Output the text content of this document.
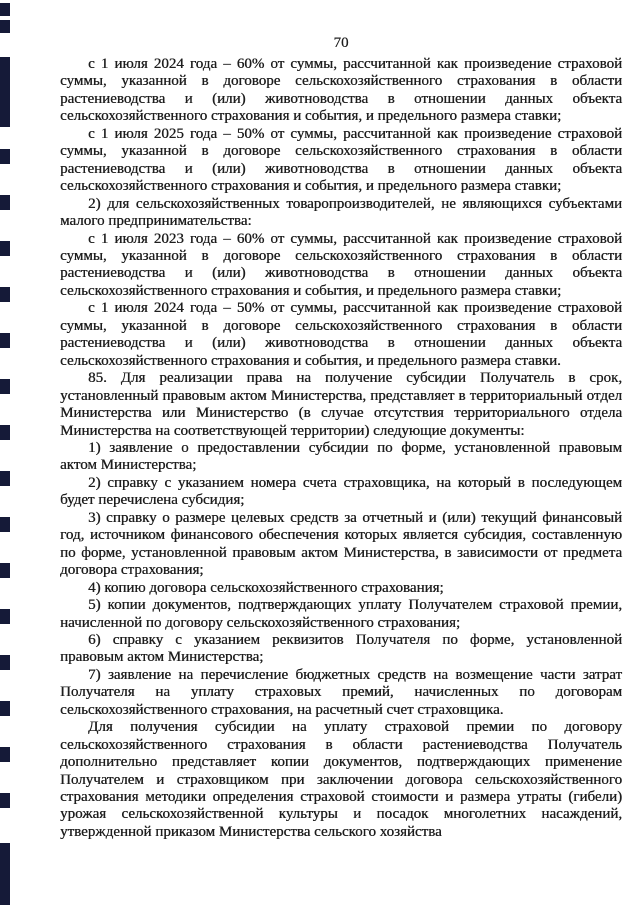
70

с 1 июля 2024 года – 60% от суммы, рассчитанной как произведение страховой суммы, указанной в договоре сельскохозяйственного страхования в области растениеводства и (или) животноводства в отношении данных объекта сельскохозяйственного страхования и события, и предельного размера ставки;

с 1 июля 2025 года – 50% от суммы, рассчитанной как произведение страховой суммы, указанной в договоре сельскохозяйственного страхования в области растениеводства и (или) животноводства в отношении данных объекта сельскохозяйственного страхования и события, и предельного размера ставки;

2) для сельскохозяйственных товаропроизводителей, не являющихся субъектами малого предпринимательства:

с 1 июля 2023 года – 60% от суммы, рассчитанной как произведение страховой суммы, указанной в договоре сельскохозяйственного страхования в области растениеводства и (или) животноводства в отношении данных объекта сельскохозяйственного страхования и события, и предельного размера ставки;

с 1 июля 2024 года – 50% от суммы, рассчитанной как произведение страховой суммы, указанной в договоре сельскохозяйственного страхования в области растениеводства и (или) животноводства в отношении данных объекта сельскохозяйственного страхования и события, и предельного размера ставки.

85. Для реализации права на получение субсидии Получатель в срок, установленный правовым актом Министерства, представляет в территориальный отдел Министерства или Министерство (в случае отсутствия территориального отдела Министерства на соответствующей территории) следующие документы:

1) заявление о предоставлении субсидии по форме, установленной правовым актом Министерства;

2) справку с указанием номера счета страховщика, на который в последующем будет перечислена субсидия;

3) справку о размере целевых средств за отчетный и (или) текущий финансовый год, источником финансового обеспечения которых является субсидия, составленную по форме, установленной правовым актом Министерства, в зависимости от предмета договора страхования;

4) копию договора сельскохозяйственного страхования;

5) копии документов, подтверждающих уплату Получателем страховой премии, начисленной по договору сельскохозяйственного страхования;

6) справку с указанием реквизитов Получателя по форме, установленной правовым актом Министерства;

7) заявление на перечисление бюджетных средств на возмещение части затрат Получателя на уплату страховых премий, начисленных по договорам сельскохозяйственного страхования, на расчетный счет страховщика.

Для получения субсидии на уплату страховой премии по договору сельскохозяйственного страхования в области растениеводства Получатель дополнительно представляет копии документов, подтверждающих применение Получателем и страховщиком при заключении договора сельскохозяйственного страхования методики определения страховой стоимости и размера утраты (гибели) урожая сельскохозяйственной культуры и посадок многолетних насаждений, утвержденной приказом Министерства сельского хозяйства
